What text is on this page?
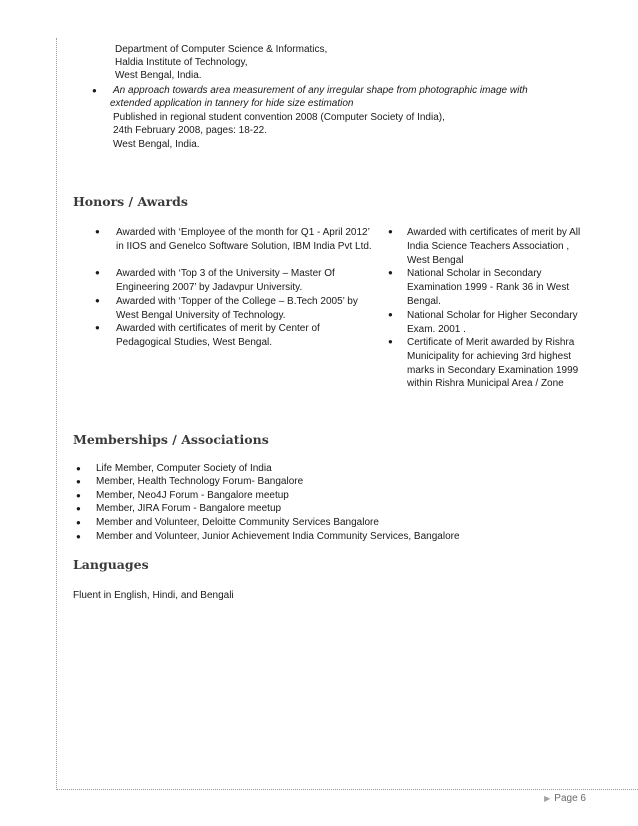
Department of Computer Science & Informatics,
Haldia Institute of Technology,
West Bengal, India.
● An approach towards area measurement of any irregular shape from photographic image with
extended application in tannery for hide size estimation
Published in regional student convention 2008 (Computer Society of India),
24th February 2008, pages: 18-22.
West Bengal, India.
Honors / Awards
● Awarded with ‘Employee of the month for Q1 - April 2012’ in IIOS and Genelco Software Solution, IBM India Pvt Ltd.
● Awarded with ‘Top 3 of the University – Master Of Engineering 2007’ by Jadavpur University.
● Awarded with ‘Topper of the College – B.Tech 2005’ by West Bengal University of Technology.
● Awarded with certificates of merit by Center of Pedagogical Studies, West Bengal.
● Awarded with certificates of merit by All India Science Teachers Association , West Bengal
● National Scholar in Secondary Examination 1999 - Rank 36 in West Bengal.
● National Scholar for Higher Secondary Exam. 2001 .
● Certificate of Merit awarded by Rishra Municipality for achieving 3rd highest marks in Secondary Examination 1999 within Rishra Municipal Area / Zone
Memberships / Associations
● Life Member, Computer Society of India
● Member, Health Technology Forum- Bangalore
● Member, Neo4J Forum - Bangalore meetup
● Member, JIRA Forum - Bangalore meetup
● Member and Volunteer, Deloitte Community Services Bangalore
● Member and Volunteer, Junior Achievement India Community Services, Bangalore
Languages
Fluent in English, Hindi, and Bengali
▶ Page 6
